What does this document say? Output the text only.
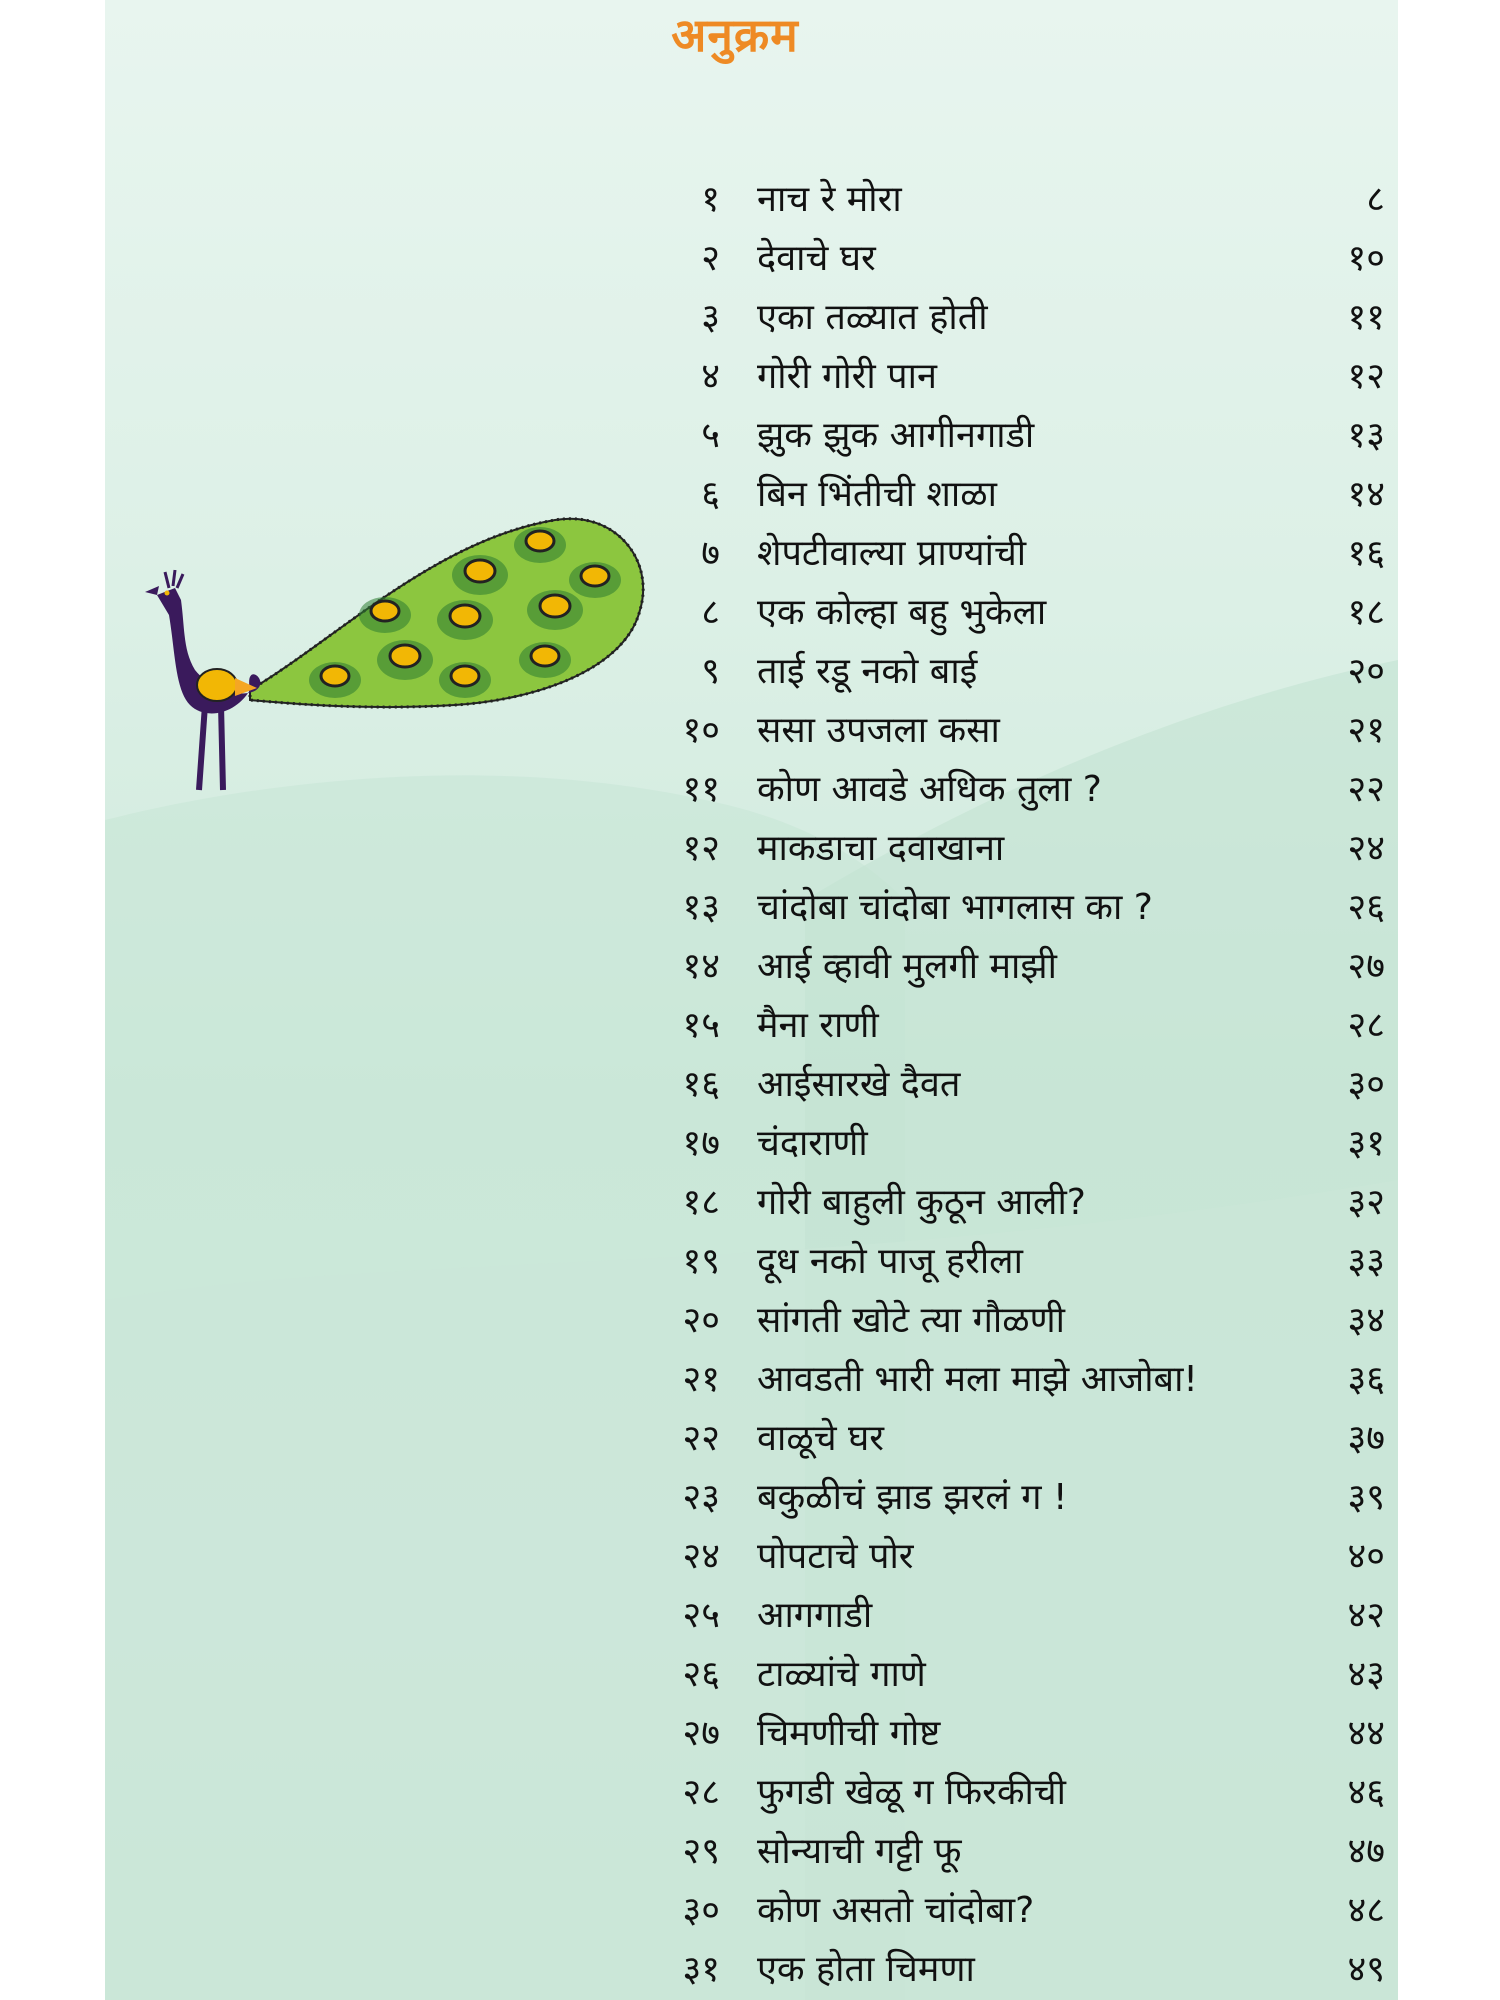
अनुक्रम
१ नाच रे मोरा	८
२ देवाचे घर	१०
३ एका तळ्यात होती	११
४ गोरी गोरी पान	१२
५ झुक झुक आगीनगाडी	१३
६ बिन भिंतीची शाळा	१४
७ शेपटीवाल्या प्राण्यांची	१६
८ एक कोल्हा बहु भुकेला	१८
९ ताई रडू नको बाई	२०
१० ससा उपजला कसा	२१
११ कोण आवडे अधिक तुला ?	२२
१२ माकडाचा दवाखाना	२४
१३ चांदोबा चांदोबा भागलास का ?	२६
१४ आई व्हावी मुलगी माझी	२७
१५ मैना राणी	२८
१६ आईसारखे दैवत	३०
१७ चंदाराणी	३१
१८ गोरी बाहुली कुठून आली?	३२
१९ दूध नको पाजू हरीला	३३
२० सांगती खोटे त्या गौळणी	३४
२१ आवडती भारी मला माझे आजोबा!	३६
२२ वाळूचे घर	३७
२३ बकुळीचं झाड झरलं ग !	३९
२४ पोपटाचे पोर	४०
२५ आगगाडी	४२
२६ टाळ्यांचे गाणे	४३
२७ चिमणीची गोष्ट	४४
२८ फुगडी खेळू ग फिरकीची	४६
२९ सोन्याची गट्टी फू	४७
३० कोण असतो चांदोबा?	४८
३१ एक होता चिमणा	४९
